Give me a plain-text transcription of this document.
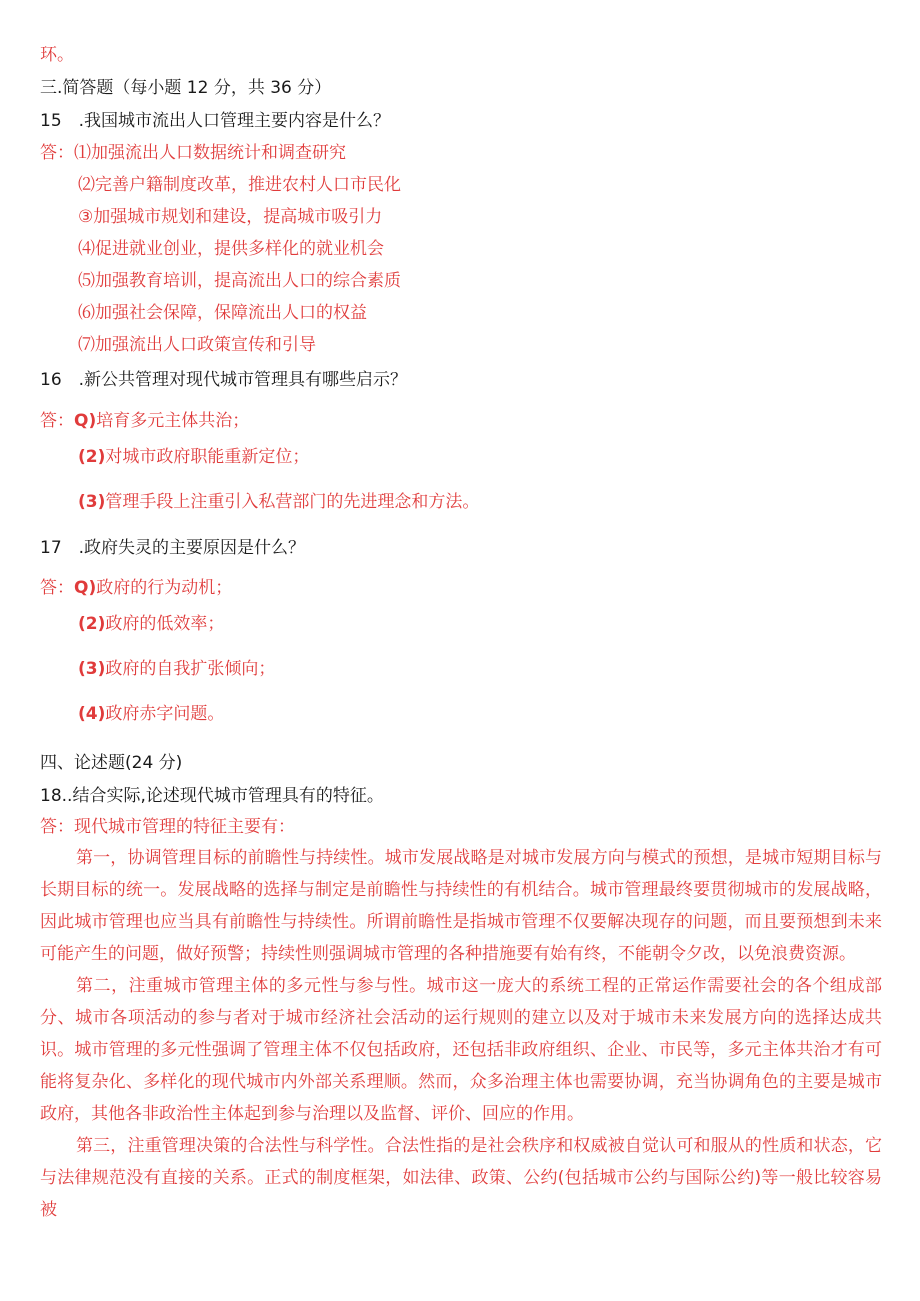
环。
三.简答题（每小题 12 分，共 36 分）
15　.我国城市流出人口管理主要内容是什么？
答：⑴加强流出人口数据统计和调查研究
⑵完善户籍制度改革，推进农村人口市民化
③加强城市规划和建设，提高城市吸引力
⑷促进就业创业，提供多样化的就业机会
⑸加强教育培训，提高流出人口的综合素质
⑹加强社会保障，保障流出人口的权益
⑺加强流出人口政策宣传和引导
16　.新公共管理对现代城市管理具有哪些启示？
答：Q)培育多元主体共治；
(2)对城市政府职能重新定位；
(3)管理手段上注重引入私营部门的先进理念和方法。
17　.政府失灵的主要原因是什么？
答：Q)政府的行为动机；
(2)政府的低效率；
(3)政府的自我扩张倾向；
(4)政府赤字问题。
四、论述题(24 分)
18..结合实际,论述现代城市管理具有的特征。
答：现代城市管理的特征主要有：
第一，协调管理目标的前瞻性与持续性。城市发展战略是对城市发展方向与模式的预想，是城市短期目标与长期目标的统一。发展战略的选择与制定是前瞻性与持续性的有机结合。城市管理最终要贯彻城市的发展战略，因此城市管理也应当具有前瞻性与持续性。所谓前瞻性是指城市管理不仅要解决现存的问题，而且要预想到未来可能产生的问题，做好预警；持续性则强调城市管理的各种措施要有始有终，不能朝令夕改，以免浪费资源。
第二，注重城市管理主体的多元性与参与性。城市这一庞大的系统工程的正常运作需要社会的各个组成部分、城市各项活动的参与者对于城市经济社会活动的运行规则的建立以及对于城市未来发展方向的选择达成共识。城市管理的多元性强调了管理主体不仅包括政府，还包括非政府组织、企业、市民等，多元主体共治才有可能将复杂化、多样化的现代城市内外部关系理顺。然而，众多治理主体也需要协调，充当协调角色的主要是城市政府，其他各非政治性主体起到参与治理以及监督、评价、回应的作用。
第三，注重管理决策的合法性与科学性。合法性指的是社会秩序和权威被自觉认可和服从的性质和状态，它与法律规范没有直接的关系。正式的制度框架，如法律、政策、公约(包括城市公约与国际公约)等一般比较容易被
